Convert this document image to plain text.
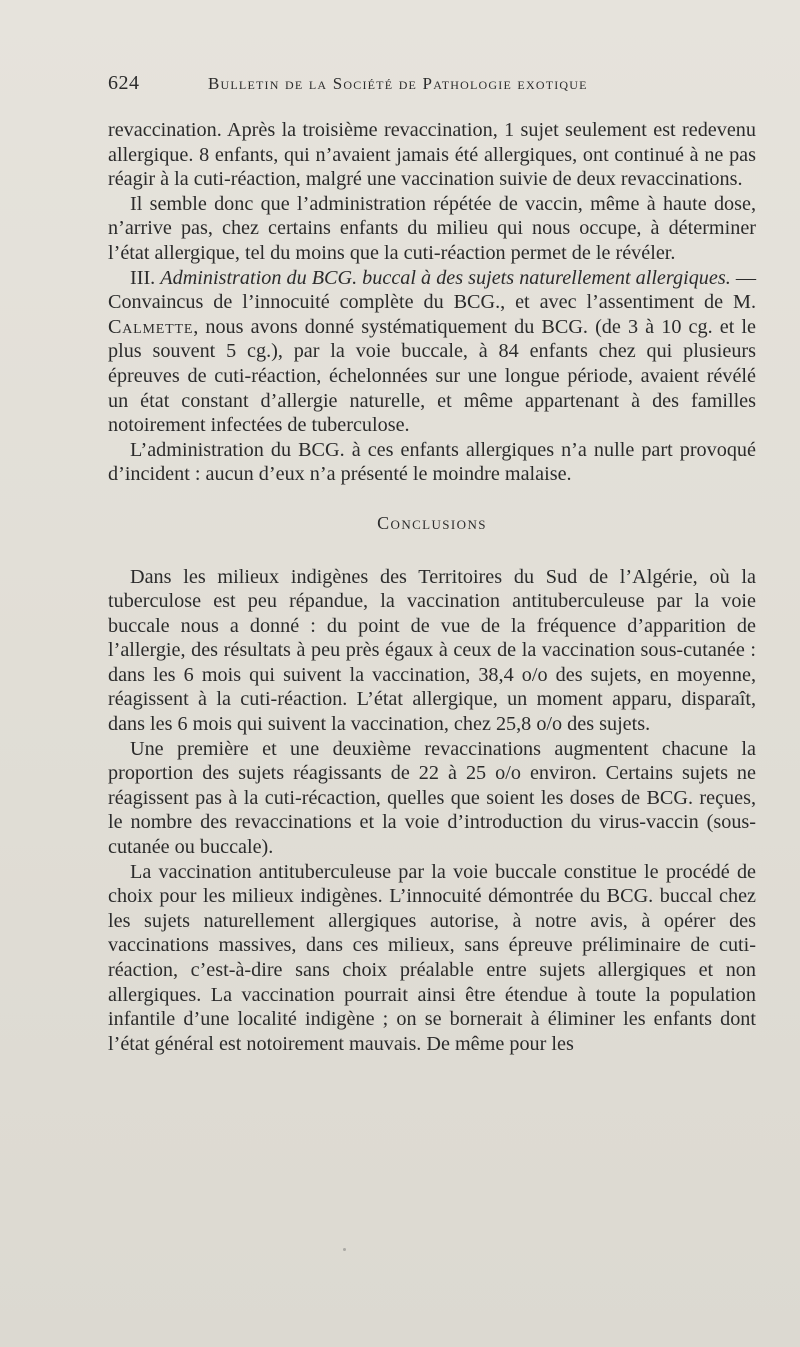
624	Bulletin de la Société de Pathologie exotique

revaccination. Après la troisième revaccination, 1 sujet seulement est redevenu allergique. 8 enfants, qui n’avaient jamais été allergiques, ont continué à ne pas réagir à la cuti-réaction, malgré une vaccination suivie de deux revaccinations.

Il semble donc que l’administration répétée de vaccin, même à haute dose, n’arrive pas, chez certains enfants du milieu qui nous occupe, à déterminer l’état allergique, tel du moins que la cuti-réaction permet de le révéler.

III. Administration du BCG. buccal à des sujets naturellement allergiques. — Convaincus de l’innocuité complète du BCG., et avec l’assentiment de M. Calmette, nous avons donné systématiquement du BCG. (de 3 à 10 cg. et le plus souvent 5 cg.), par la voie buccale, à 84 enfants chez qui plusieurs épreuves de cuti-réaction, échelonnées sur une longue période, avaient révélé un état constant d’allergie naturelle, et même appartenant à des familles notoirement infectées de tuberculose.

L’administration du BCG. à ces enfants allergiques n’a nulle part provoqué d’incident : aucun d’eux n’a présenté le moindre malaise.

Conclusions

Dans les milieux indigènes des Territoires du Sud de l’Algérie, où la tuberculose est peu répandue, la vaccination antituberculeuse par la voie buccale nous a donné : du point de vue de la fréquence d’apparition de l’allergie, des résultats à peu près égaux à ceux de la vaccination sous-cutanée : dans les 6 mois qui suivent la vaccination, 38,4 o/o des sujets, en moyenne, réagissent à la cuti-réaction. L’état allergique, un moment apparu, disparaît, dans les 6 mois qui suivent la vaccination, chez 25,8 o/o des sujets.

Une première et une deuxième revaccinations augmentent chacune la proportion des sujets réagissants de 22 à 25 o/o environ. Certains sujets ne réagissent pas à la cuti-récaction, quelles que soient les doses de BCG. reçues, le nombre des revaccinations et la voie d’introduction du virus-vaccin (sous-cutanée ou buccale).

La vaccination antituberculeuse par la voie buccale constitue le procédé de choix pour les milieux indigènes. L’innocuité démontrée du BCG. buccal chez les sujets naturellement allergiques autorise, à notre avis, à opérer des vaccinations massives, dans ces milieux, sans épreuve préliminaire de cuti-réaction, c’est-à-dire sans choix préalable entre sujets allergiques et non allergiques. La vaccination pourrait ainsi être étendue à toute la population infantile d’une localité indigène ; on se bornerait à éliminer les enfants dont l’état général est notoirement mauvais. De même pour les
